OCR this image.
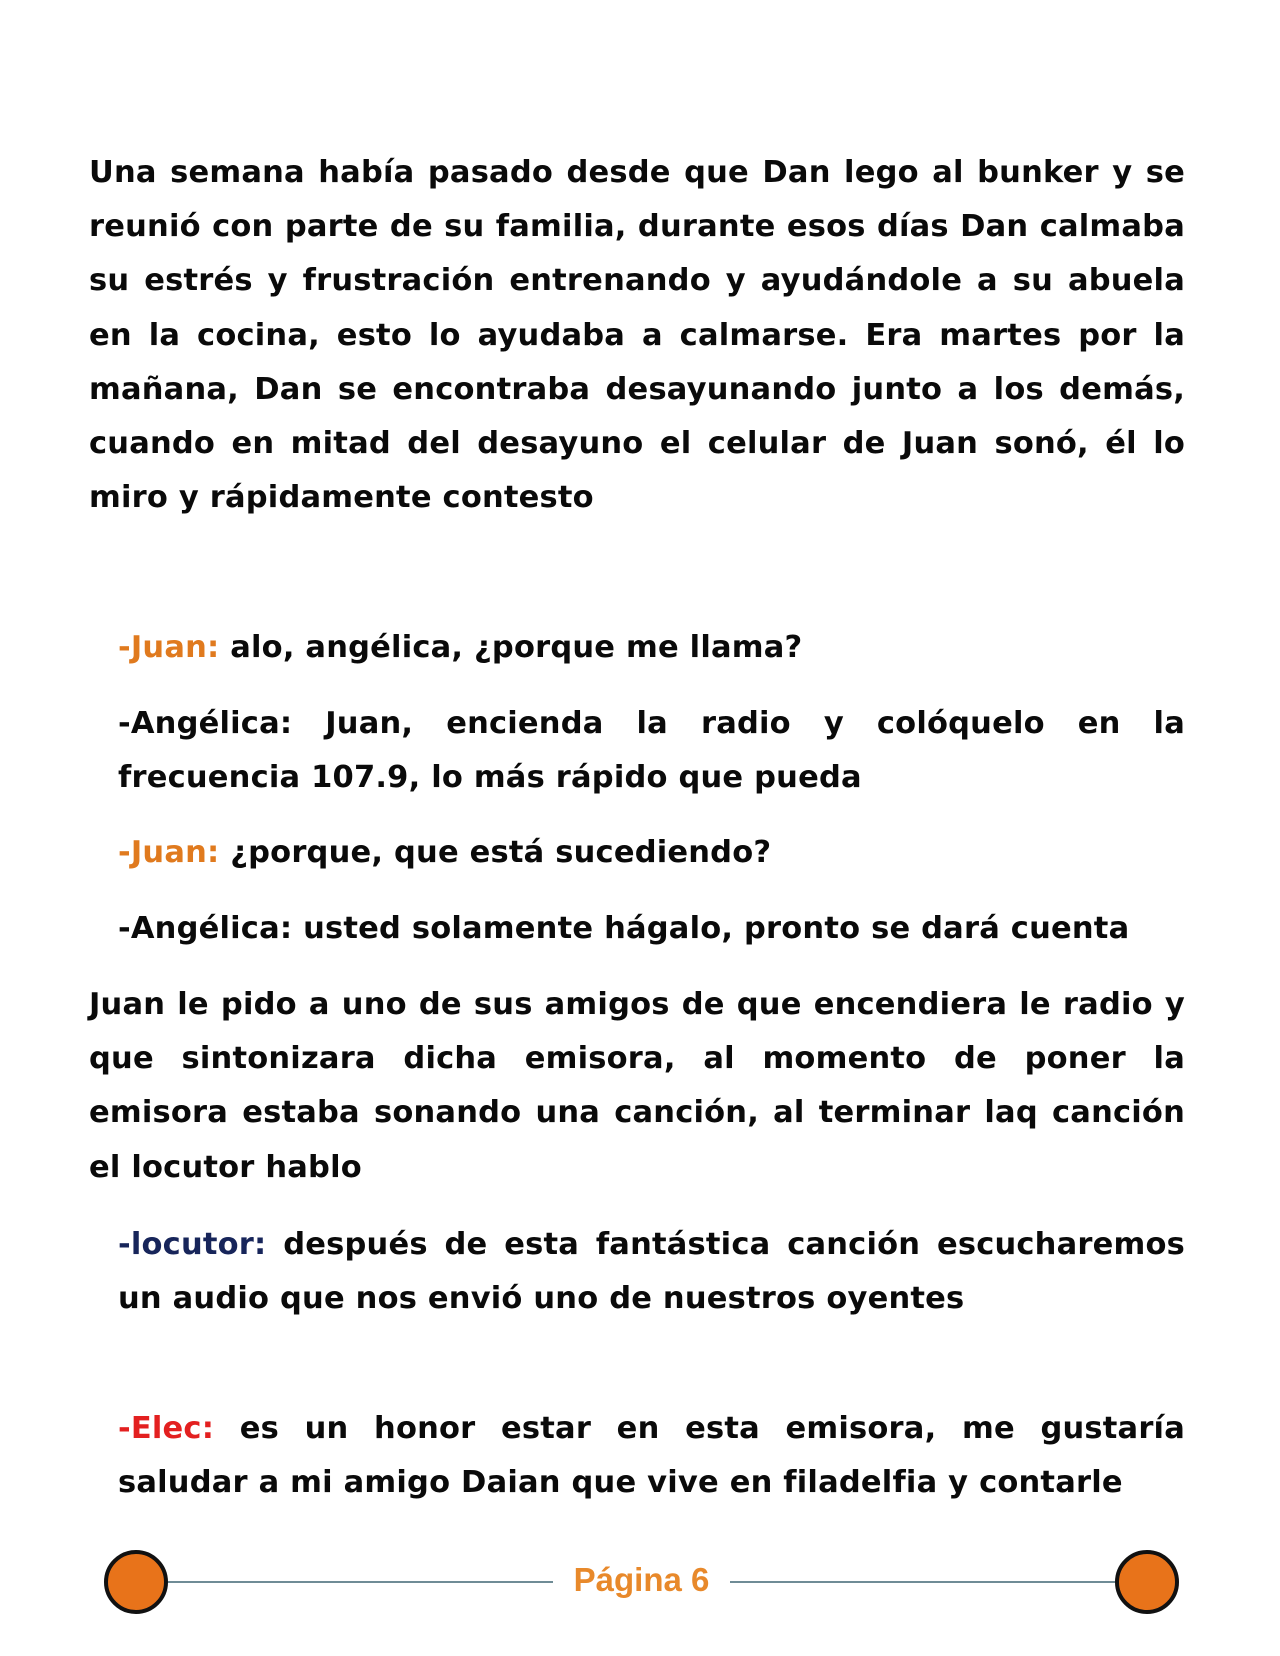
Una semana había pasado desde que Dan lego al bunker y se reunió con parte de su familia, durante esos días Dan calmaba su estrés y frustración entrenando y ayudándole a su abuela en la cocina, esto lo ayudaba a calmarse. Era martes por la mañana, Dan se encontraba desayunando junto a los demás, cuando en mitad del desayuno el celular de Juan sonó, él lo miro y rápidamente contesto

-Juan: alo, angélica, ¿porque me llama?

-Angélica: Juan, encienda la radio y colóquelo en la frecuencia 107.9, lo más rápido que pueda

-Juan: ¿porque, que está sucediendo?

-Angélica: usted solamente hágalo, pronto se dará cuenta

Juan le pido a uno de sus amigos de que encendiera le radio y que sintonizara dicha emisora, al momento de poner la emisora estaba sonando una canción, al terminar laq canción el locutor hablo

-locutor: después de esta fantástica canción escucharemos un audio que nos envió uno de nuestros oyentes

-Elec: es un honor estar en esta emisora, me gustaría saludar a mi amigo Daian que vive en filadelfia y contarle

Página 6
